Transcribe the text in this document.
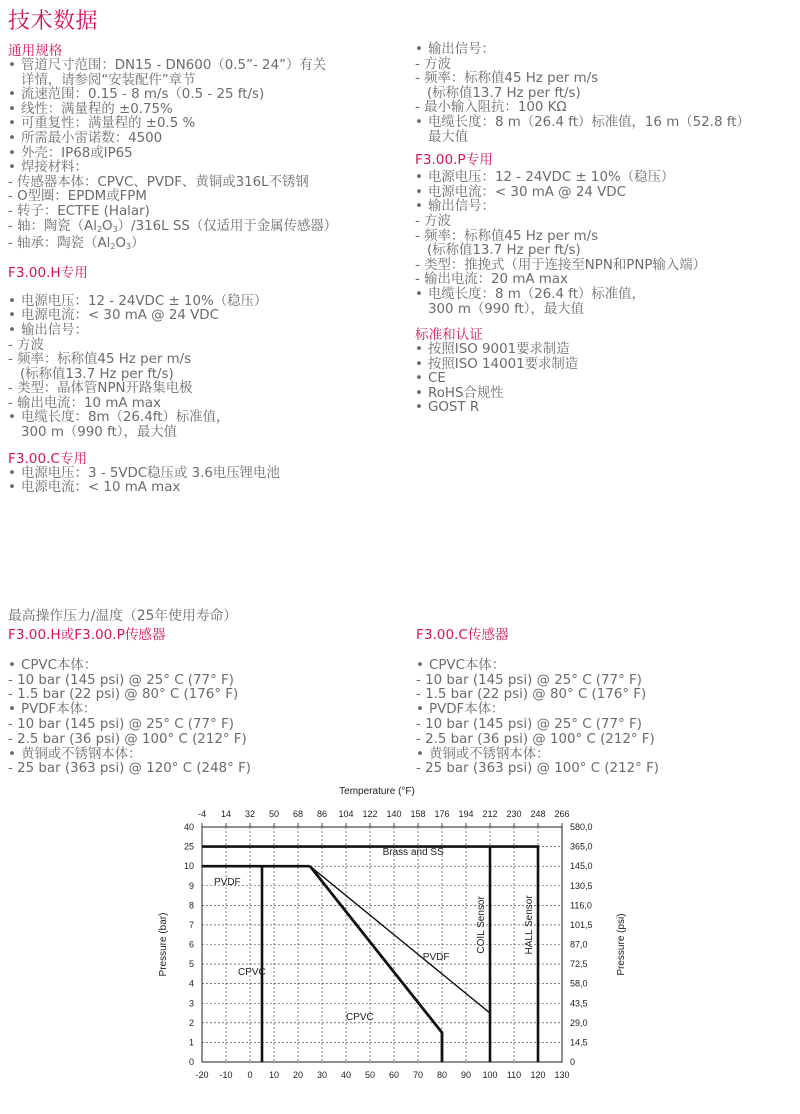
技术数据
通用规格
• 管道尺寸范围：DN15 - DN600（0.5”- 24”）有关
详情，请参阅“安装配件”章节
• 流速范围：0.15 - 8 m/s（0.5 - 25 ft/s)
• 线性：满量程的 ±0.75%
• 可重复性：满量程的 ±0.5 %
• 所需最小雷诺数：4500
• 外壳：IP68或IP65
• 焊接材料：
- 传感器本体：CPVC、PVDF、黄铜或316L不锈钢
- O型圈：EPDM或FPM
- 转子：ECTFE (Halar)
- 轴：陶瓷$(Al_2O_3)/316L$ SS（仅适用于金属传感器）
- 轴承：陶瓷$(Al_2O_3)$
F3.00.H专用
• 电源电压：12 - 24VDC ± 10%（稳压）
• 电源电流：< 30 mA @ 24 VDC
• 输出信号：
- 方波
- 频率：标称值45 Hz per m/s
(标称值13.7 Hz per ft/s)
- 类型：晶体管NPN开路集电极
- 输出电流：10 mA max
• 电缆长度：8m（26.4ft）标准值，
300 m（990 ft），最大值
F3.00.C专用
• 电源电压：3 - 5VDC稳压或 3.6电压锂电池
• 电源电流：< 10 mA max
• 输出信号：
- 方波
- 频率：标称值45 Hz per m/s
(标称值13.7 Hz per ft/s)
- 最小输入阻抗：100 KΩ
• 电缆长度：8 m（26.4 ft）标准值，16 m（52.8 ft）
最大值
F3.00.P专用
• 电源电压：12 - 24VDC ± 10%（稳压）
• 电源电流：< 30 mA @ 24 VDC
• 输出信号：
- 方波
- 频率：标称值45 Hz per m/s
(标称值13.7 Hz per ft/s)
- 类型：推挽式（用于连接至NPN和PNP输入端）
- 输出电流：20 mA max
• 电缆长度：8 m（26.4 ft）标准值，
300 m（990 ft），最大值
标准和认证
• 按照ISO 9001要求制造
• 按照ISO 14001要求制造
• CE
• RoHS合规性
• GOST R
最高操作压力/温度（25年使用寿命）
F3.00.H或F3.00.P传感器
• CPVC本体：
- 10 bar (145 psi) @ 25° C (77° F)
- 1.5 bar (22 psi) @ 80° C (176° F)
• PVDF本体：
- 10 bar (145 psi) @ 25° C (77° F)
- 2.5 bar (36 psi) @ 100° C (212° F)
• 黄铜或不锈钢本体：
- 25 bar (363 psi) @ 120° C (248° F)
F3.00.C传感器
• CPVC本体：
- 10 bar (145 psi) @ 25° C (77° F)
- 1.5 bar (22 psi) @ 80° C (176° F)
• PVDF本体：
- 10 bar (145 psi) @ 25° C (77° F)
- 2.5 bar (36 psi) @ 100° C (212° F)
• 黄铜或不锈钢本体：
- 25 bar (363 psi) @ 100° C (212° F)
-20
-4
-10
14
0
32
10
50
20
68
30
86
40
104
50
122
60
140
70
158
80
176
90
194
100
212
110
230
120
248
130
266
40	580,0
25	365,0
10	145,0
9	130,5
8	116,0
7	101,5
6	87,0
5	72,5
4	58,0
3	43,5
2	29,0
1	14,5
0	0
Temperature (°F)
Pressure (bar)	Pressure (psi)
Brass and SS
PVDF
CPVC
PVDF
CPVC
COIL Sensor	HALL Sensor
